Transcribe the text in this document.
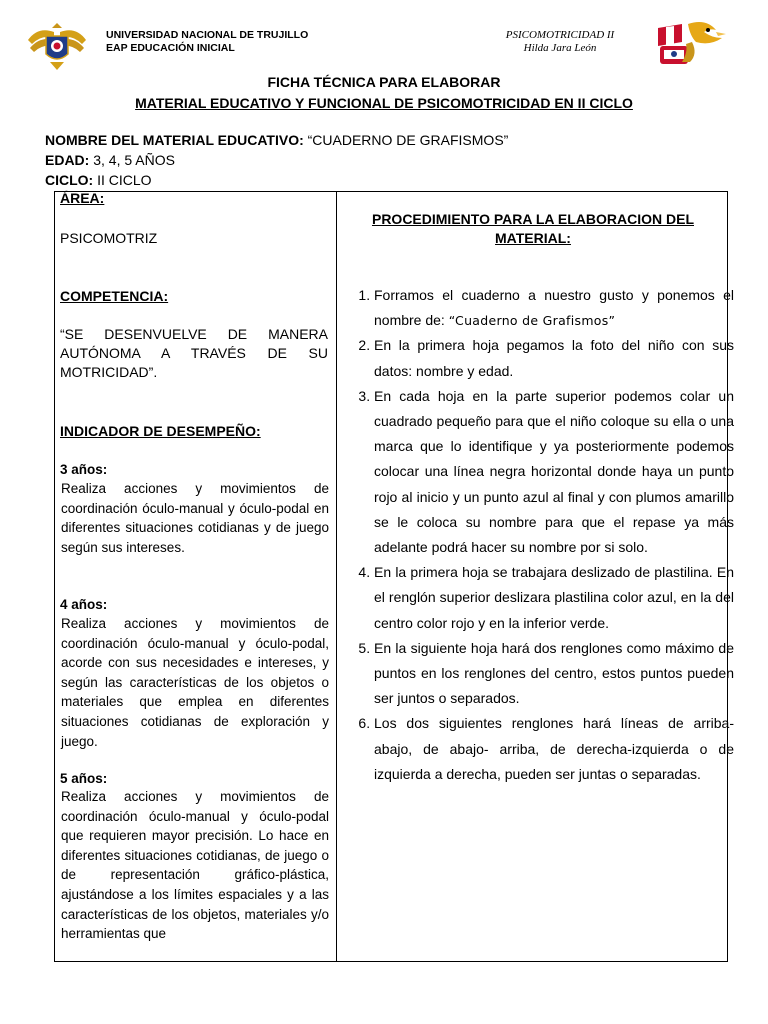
UNIVERSIDAD NACIONAL DE TRUJILLO
EAP EDUCACIÓN INICIAL
PSICOMOTRICIDAD II
Hilda Jara León
FICHA TÉCNICA PARA ELABORAR
MATERIAL EDUCATIVO Y FUNCIONAL DE PSICOMOTRICIDAD EN II CICLO
NOMBRE DEL MATERIAL EDUCATIVO: “CUADERNO DE GRAFISMOS”
EDAD: 3, 4, 5 AÑOS
CICLO: II CICLO
ÁREA:
PSICOMOTRIZ
COMPETENCIA:
“SE DESENVUELVE DE MANERA
AUTÓNOMA A TRAVÉS DE SU
MOTRICIDAD”.
INDICADOR DE DESEMPEÑO:
3 años:
Realiza acciones y movimientos de coordinación óculo-manual y óculo-podal en diferentes situaciones cotidianas y de juego según sus intereses.
4 años:
Realiza acciones y movimientos de coordinación óculo-manual y óculo-podal, acorde con sus necesidades e intereses, y según las características de los objetos o materiales que emplea en diferentes situaciones cotidianas de exploración y juego.
5 años:
Realiza acciones y movimientos de coordinación óculo-manual y óculo-podal que requieren mayor precisión. Lo hace en diferentes situaciones cotidianas, de juego o de representación gráfico-plástica, ajustándose a los límites espaciales y a las características de los objetos, materiales y/o herramientas que
PROCEDIMIENTO PARA LA ELABORACION DEL
MATERIAL:
1. Forramos el cuaderno a nuestro gusto y ponemos el nombre de: “Cuaderno de Grafismos”
2. En la primera hoja pegamos la foto del niño con sus datos: nombre y edad.
3. En cada hoja en la parte superior podemos colar un cuadrado pequeño para que el niño coloque su ella o una marca que lo identifique y ya posteriormente podemos colocar una línea negra horizontal donde haya un punto rojo al inicio y un punto azul al final y con plumos amarillo se le coloca su nombre para que el repase ya más adelante podrá hacer su nombre por si solo.
4. En la primera hoja se trabajara deslizado de plastilina. En el renglón superior deslizara plastilina color azul, en la del centro color rojo y en la inferior verde.
5. En la siguiente hoja hará dos renglones como máximo de puntos en los renglones del centro, estos puntos pueden ser juntos o separados.
6. Los dos siguientes renglones hará líneas de arriba- abajo, de abajo- arriba, de derecha-izquierda o de izquierda a derecha, pueden ser juntas o separadas.
